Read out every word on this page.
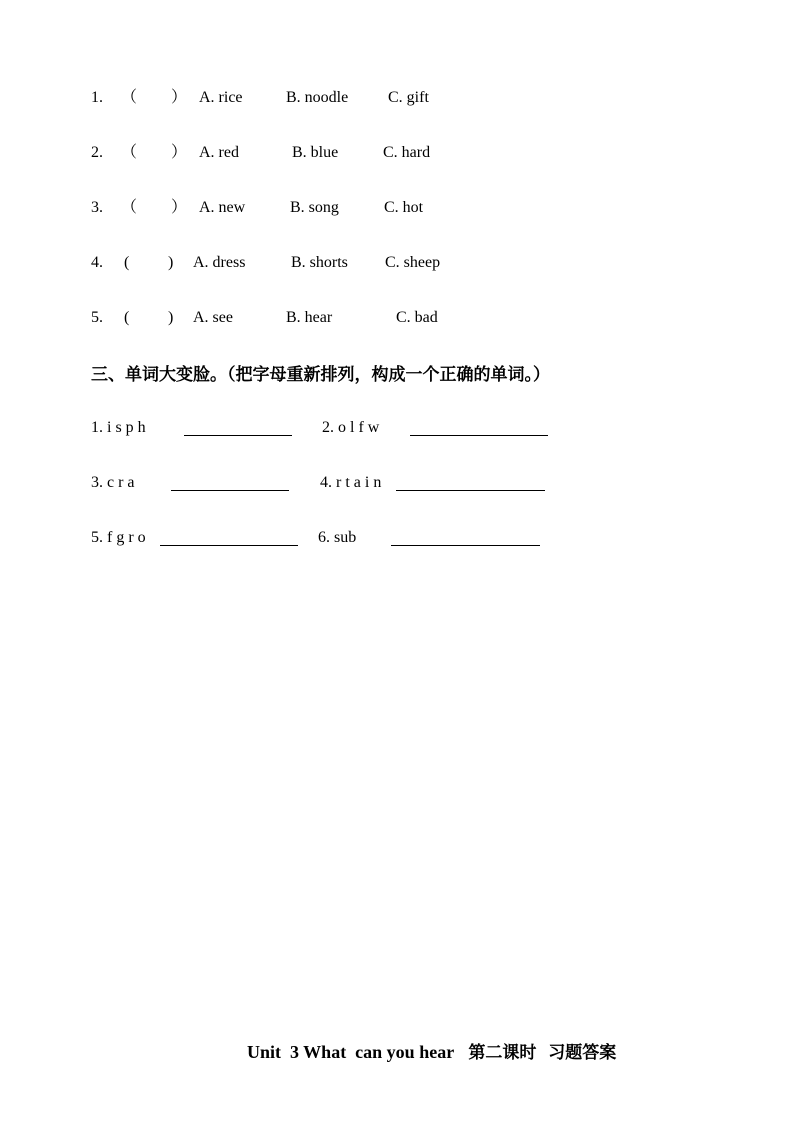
1. （ ） A. rice	B. noodle C. gift
2. （ ） A. red	B. blue	C. hard
3. （ ） A. new	B. song	C. hot
4. ( ) A. dress	B. shorts C. sheep
5. ( ) A. see	B. hear	C. bad
三、单词大变脸。（把字母重新排列，构成一个正确的单词。）
1. i s p h	2. o l f w
3. c r a	4. r t a i n
5. f g r o	6. sub
Unit  3 What  can you hear 第二课时  习题答案
